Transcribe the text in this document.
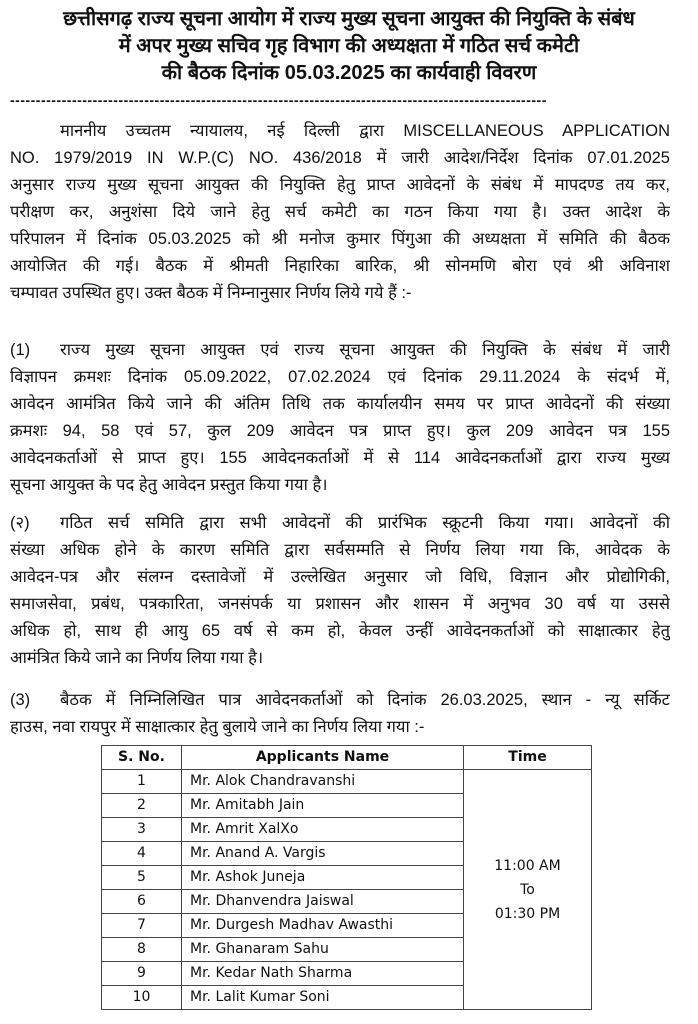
छत्तीसगढ़ राज्य सूचना आयोग में राज्य मुख्य सूचना आयुक्त की नियुक्ति के संबंध
में अपर मुख्य सचिव गृह विभाग की अध्यक्षता में गठित सर्च कमेटी
की बैठक दिनांक 05.03.2025 का कार्यवाही विवरण
--------------------------------------------------------------------------------------------------------
माननीय उच्चतम न्यायालय, नई दिल्ली द्वारा MISCELLANEOUS APPLICATION
NO. 1979/2019 IN W.P.(C) NO. 436/2018 में जारी आदेश/निर्देश दिनांक 07.01.2025
अनुसार राज्य मुख्य सूचना आयुक्त की नियुक्ति हेतु प्राप्त आवेदनों के संबंध में मापदण्ड तय कर,
परीक्षण कर, अनुशंसा दिये जाने हेतु सर्च कमेटी का गठन किया गया है। उक्त आदेश के
परिपालन में दिनांक 05.03.2025 को श्री मनोज कुमार पिंगुआ की अध्यक्षता में समिति की बैठक
आयोजित की गई। बैठक में श्रीमती निहारिका बारिक, श्री सोनमणि बोरा एवं श्री अविनाश
चम्पावत उपस्थित हुए। उक्त बैठक में निम्नानुसार निर्णय लिये गये हैं :-
(1) राज्य मुख्य सूचना आयुक्त एवं राज्य सूचना आयुक्त की नियुक्ति के संबंध में जारी
विज्ञापन क्रमशः दिनांक 05.09.2022, 07.02.2024 एवं दिनांक 29.11.2024 के संदर्भ में,
आवेदन आमंत्रित किये जाने की अंतिम तिथि तक कार्यालयीन समय पर प्राप्त आवेदनों की संख्या
क्रमशः 94, 58 एवं 57, कुल 209 आवेदन पत्र प्राप्त हुए। कुल 209 आवेदन पत्र 155
आवेदनकर्ताओं से प्राप्त हुए। 155 आवेदनकर्ताओं में से 114 आवेदनकर्ताओं द्वारा राज्य मुख्य
सूचना आयुक्त के पद हेतु आवेदन प्रस्तुत किया गया है।
(२) गठित सर्च समिति द्वारा सभी आवेदनों की प्रारंभिक स्क्रूटनी किया गया। आवेदनों की
संख्या अधिक होने के कारण समिति द्वारा सर्वसम्मति से निर्णय लिया गया कि, आवेदक के
आवेदन-पत्र और संलग्न दस्तावेजों में उल्लेखित अनुसार जो विधि, विज्ञान और प्रोद्योगिकी,
समाजसेवा, प्रबंध, पत्रकारिता, जनसंपर्क या प्रशासन और शासन में अनुभव 30 वर्ष या उससे
अधिक हो, साथ ही आयु 65 वर्ष से कम हो, केवल उन्हीं आवेदनकर्ताओं को साक्षात्कार हेतु
आमंत्रित किये जाने का निर्णय लिया गया है।
(3) बैठक में निम्निलिखित पात्र आवेदनकर्ताओं को दिनांक 26.03.2025, स्थान - न्यू सर्किट
हाउस, नवा रायपुर में साक्षात्कार हेतु बुलाये जाने का निर्णय लिया गया :-
S. No.	Applicants Name	Time
1	Mr. Alok Chandravanshi	11:00 AM
To
01:30 PM

2	Mr. Amitabh Jain	
3	Mr. Amrit XalXo	
4	Mr. Anand A. Vargis	
5	Mr. Ashok Juneja	
6	Mr. Dhanvendra Jaiswal	
7	Mr. Durgesh Madhav Awasthi	
8	Mr. Ghanaram Sahu	
9	Mr. Kedar Nath Sharma	
10	Mr. Lalit Kumar Soni	
